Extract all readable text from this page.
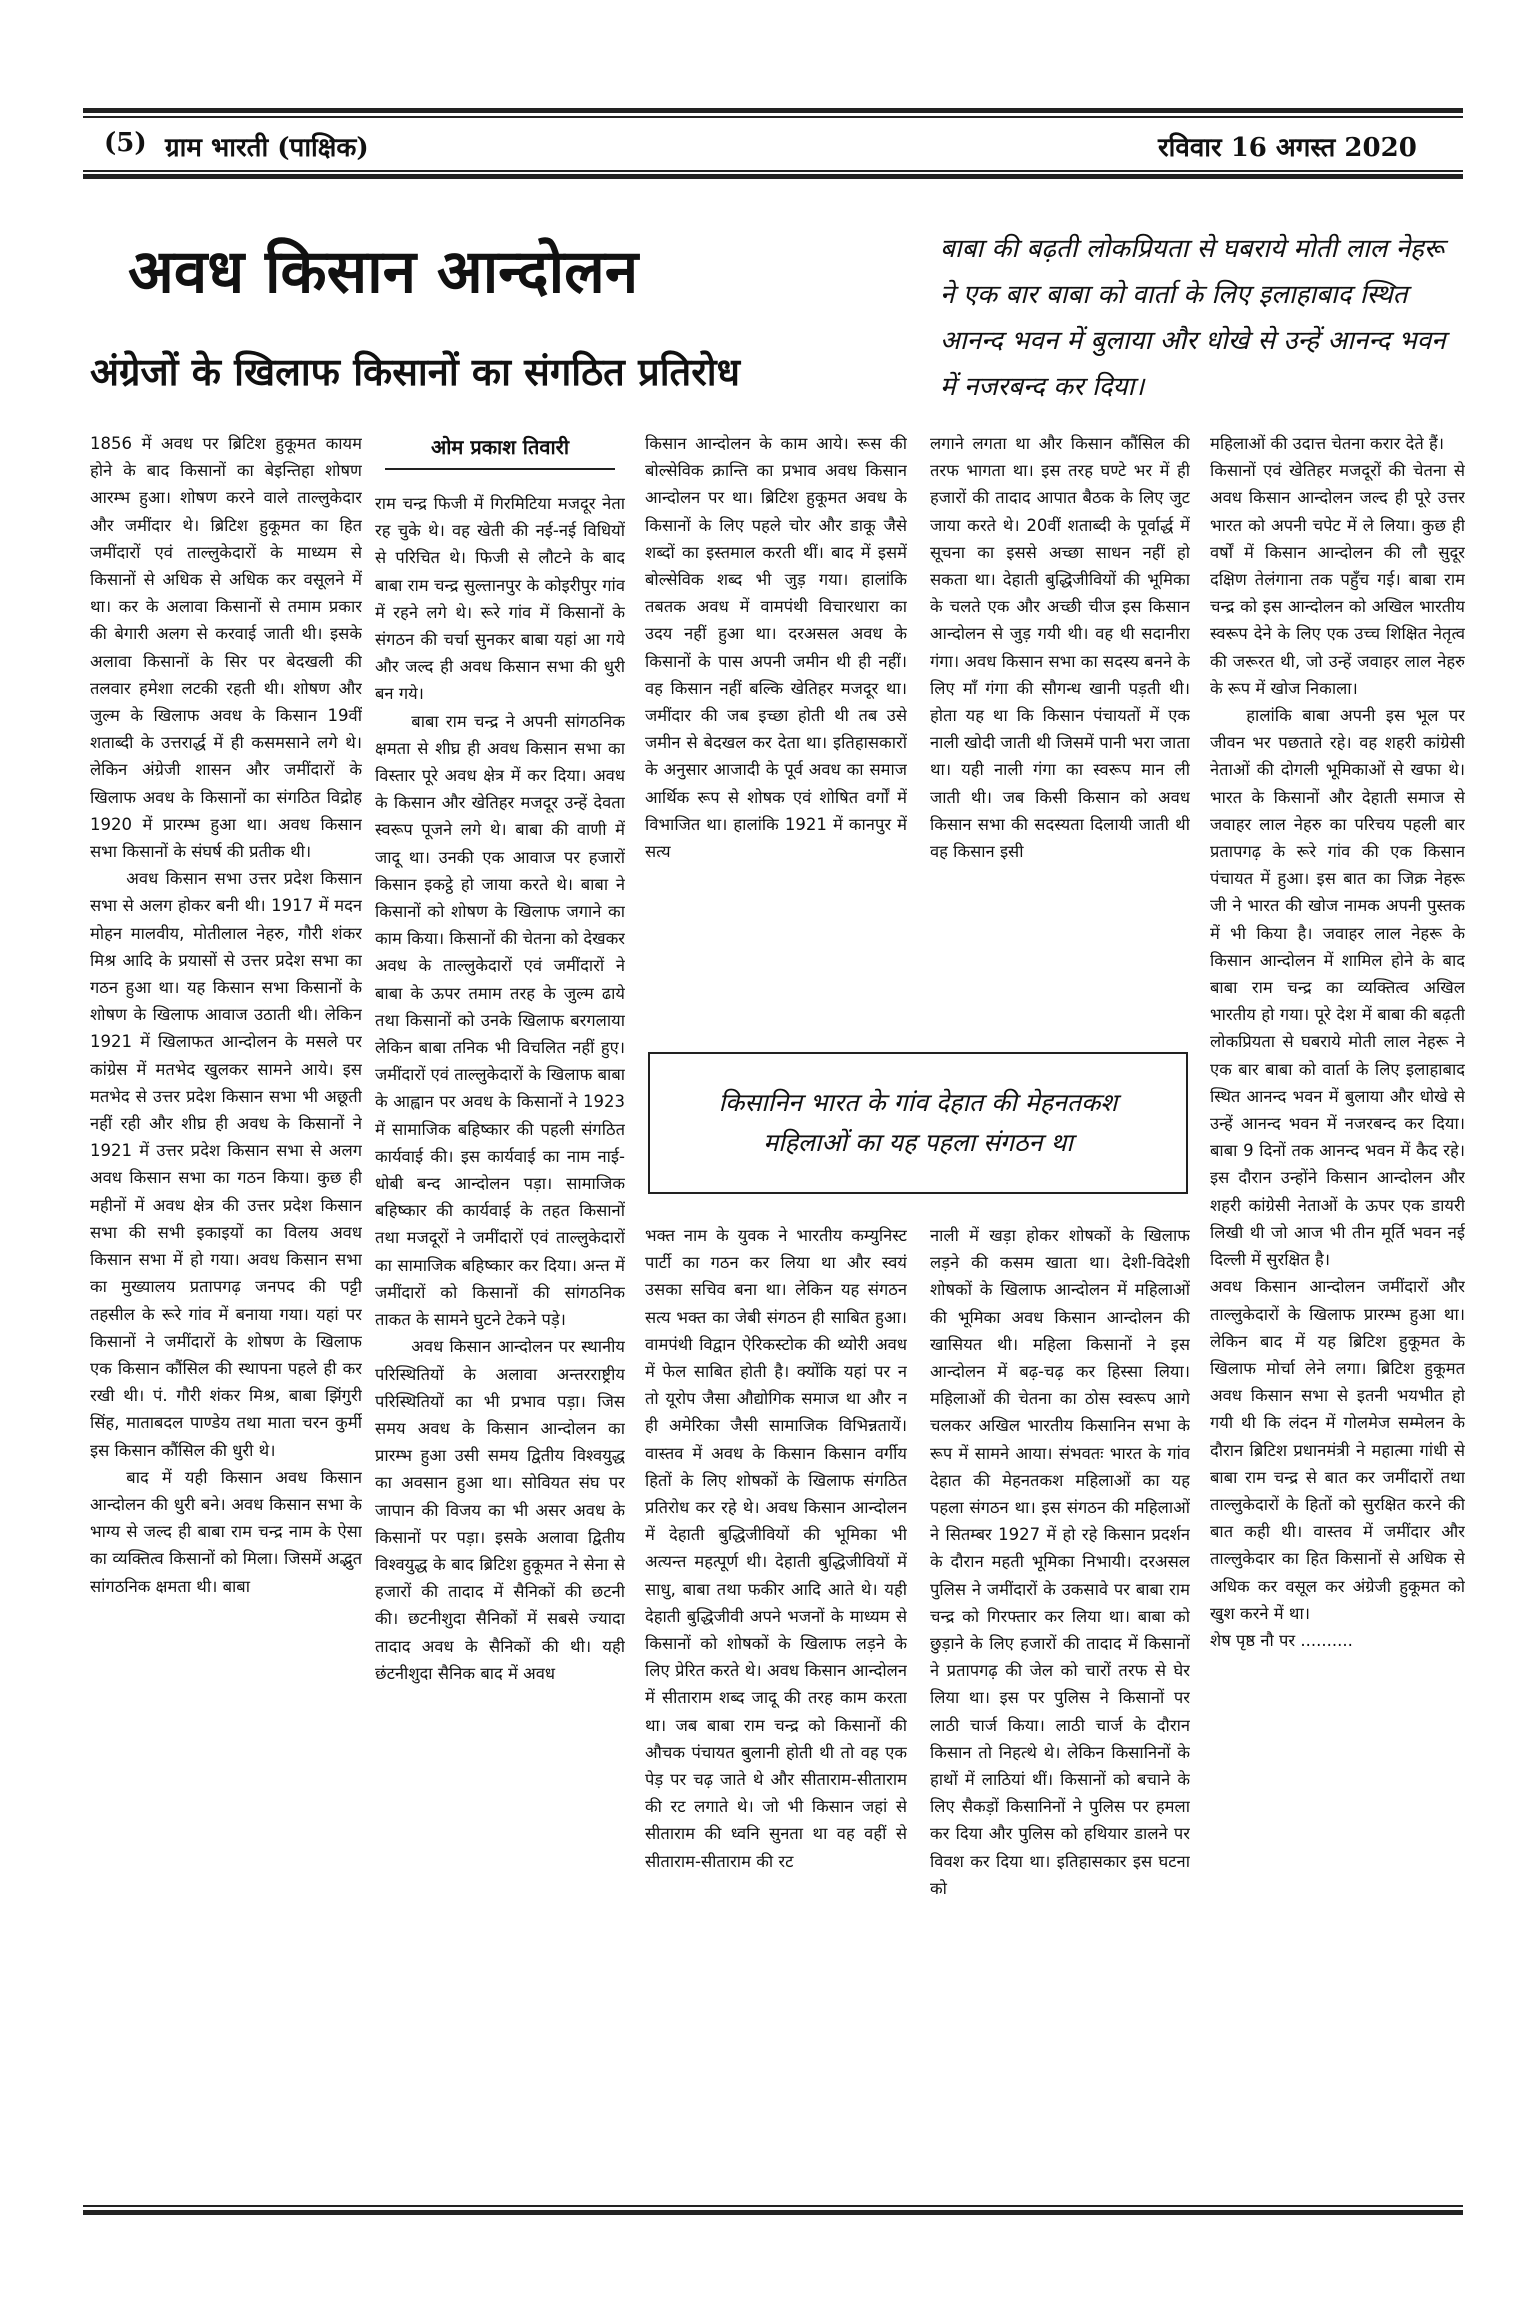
(5) ग्राम भारती (पाक्षिक)	रविवार 16 अगस्त 2020
अवध किसान आन्दोलन
अंग्रेजों के खिलाफ किसानों का संगठित प्रतिरोध
बाबा की बढ़ती लोकप्रियता से घबराये मोती लाल नेहरू ने एक बार बाबा को वार्ता के लिए इलाहाबाद स्थित आनन्द भवन में बुलाया और धोखे से उन्हें आनन्द भवन में नजरबन्द कर दिया।

1856 में अवध पर ब्रिटिश हुकूमत कायम होने के बाद किसानों का बेइन्तिहा शोषण आरम्भ हुआ। शोषण करने वाले ताल्लुकेदार और जमींदार थे। ब्रिटिश हुकूमत का हित जमींदारों एवं ताल्लुकेदारों के माध्यम से किसानों से अधिक से अधिक कर वसूलने में था। कर के अलावा किसानों से तमाम प्रकार की बेगारी अलग से करवाई जाती थी। इसके अलावा किसानों के सिर पर बेदखली की तलवार हमेशा लटकी रहती थी। शोषण और जुल्म के खिलाफ अवध के किसान 19वीं शताब्दी के उत्तरार्द्ध में ही कसमसाने लगे थे। लेकिन अंग्रेजी शासन और जमींदारों के खिलाफ अवध के किसानों का संगठित विद्रोह 1920 में प्रारम्भ हुआ था। अवध किसान सभा किसानों के संघर्ष की प्रतीक थी।

अवध किसान सभा उत्तर प्रदेश किसान सभा से अलग होकर बनी थी। 1917 में मदन मोहन मालवीय, मोतीलाल नेहरु, गौरी शंकर मिश्र आदि के प्रयासों से उत्तर प्रदेश सभा का गठन हुआ था। यह किसान सभा किसानों के शोषण के खिलाफ आवाज उठाती थी। लेकिन 1921 में खिलाफत आन्दोलन के मसले पर कांग्रेस में मतभेद खुलकर सामने आये। इस मतभेद से उत्तर प्रदेश किसान सभा भी अछूती नहीं रही और शीघ्र ही अवध के किसानों ने 1921 में उत्तर प्रदेश किसान सभा से अलग अवध किसान सभा का गठन किया। कुछ ही महीनों में अवध क्षेत्र की उत्तर प्रदेश किसान सभा की सभी इकाइयों का विलय अवध किसान सभा में हो गया। अवध किसान सभा का मुख्यालय प्रतापगढ़ जनपद की पट्टी तहसील के रूरे गांव में बनाया गया। यहां पर किसानों ने जमींदारों के शोषण के खिलाफ एक किसान कौंसिल की स्थापना पहले ही कर रखी थी। पं. गौरी शंकर मिश्र, बाबा झिंगुरी सिंह, माताबदल पाण्डेय तथा माता चरन कुर्मी इस किसान कौंसिल की धुरी थे।

बाद में यही किसान अवध किसान आन्दोलन की धुरी बने। अवध किसान सभा के भाग्य से जल्द ही बाबा राम चन्द्र नाम के ऐसा का व्यक्तित्व किसानों को मिला। जिसमें अद्भुत सांगठनिक क्षमता थी। बाबा

ओम प्रकाश तिवारी

राम चन्द्र फिजी में गिरमिटिया मजदूर नेता रह चुके थे। वह खेती की नई-नई विधियों से परिचित थे। फिजी से लौटने के बाद बाबा राम चन्द्र सुल्तानपुर के कोइरीपुर गांव में रहने लगे थे। रूरे गांव में किसानों के संगठन की चर्चा सुनकर बाबा यहां आ गये और जल्द ही अवध किसान सभा की धुरी बन गये।

बाबा राम चन्द्र ने अपनी सांगठनिक क्षमता से शीघ्र ही अवध किसान सभा का विस्तार पूरे अवध क्षेत्र में कर दिया। अवध के किसान और खेतिहर मजदूर उन्हें देवता स्वरूप पूजने लगे थे। बाबा की वाणी में जादू था। उनकी एक आवाज पर हजारों किसान इकट्ठे हो जाया करते थे। बाबा ने किसानों को शोषण के खिलाफ जगाने का काम किया। किसानों की चेतना को देखकर अवध के ताल्लुकेदारों एवं जमींदारों ने बाबा के ऊपर तमाम तरह के जुल्म ढाये तथा किसानों को उनके खिलाफ बरगलाया लेकिन बाबा तनिक भी विचलित नहीं हुए। जमींदारों एवं ताल्लुकेदारों के खिलाफ बाबा के आह्वान पर अवध के किसानों ने 1923 में सामाजिक बहिष्कार की पहली संगठित कार्यवाई की। इस कार्यवाई का नाम नाई-धोबी बन्द आन्दोलन पड़ा। सामाजिक बहिष्कार की कार्यवाई के तहत किसानों तथा मजदूरों ने जमींदारों एवं ताल्लुकेदारों का सामाजिक बहिष्कार कर दिया। अन्त में जमींदारों को किसानों की सांगठनिक ताकत के सामने घुटने टेकने पड़े।

अवध किसान आन्दोलन पर स्थानीय परिस्थितियों के अलावा अन्तरराष्ट्रीय परिस्थितियों का भी प्रभाव पड़ा। जिस समय अवध के किसान आन्दोलन का प्रारम्भ हुआ उसी समय द्वितीय विश्वयुद्ध का अवसान हुआ था। सोवियत संघ पर जापान की विजय का भी असर अवध के किसानों पर पड़ा। इसके अलावा द्वितीय विश्वयुद्ध के बाद ब्रिटिश हुकूमत ने सेना से हजारों की तादाद में सैनिकों की छटनी की। छटनीशुदा सैनिकों में सबसे ज्यादा तादाद अवध के सैनिकों की थी। यही छंटनीशुदा सैनिक बाद में अवध

किसान आन्दोलन के काम आये। रूस की बोल्सेविक क्रान्ति का प्रभाव अवध किसान आन्दोलन पर था। ब्रिटिश हुकूमत अवध के किसानों के लिए पहले चोर और डाकू जैसे शब्दों का इस्तमाल करती थीं। बाद में इसमें बोल्सेविक शब्द भी जुड़ गया। हालांकि तबतक अवध में वामपंथी विचारधारा का उदय नहीं हुआ था। दरअसल अवध के किसानों के पास अपनी जमीन थी ही नहीं। वह किसान नहीं बल्कि खेतिहर मजदूर था। जमींदार की जब इच्छा होती थी तब उसे जमीन से बेदखल कर देता था। इतिहासकारों के अनुसार आजादी के पूर्व अवध का समाज आर्थिक रूप से शोषक एवं शोषित वर्गों में विभाजित था। हालांकि 1921 में कानपुर में सत्य

लगाने लगता था और किसान कौंसिल की तरफ भागता था। इस तरह घण्टे भर में ही हजारों की तादाद आपात बैठक के लिए जुट जाया करते थे। 20वीं शताब्दी के पूर्वार्द्ध में सूचना का इससे अच्छा साधन नहीं हो सकता था। देहाती बुद्धिजीवियों की भूमिका के चलते एक और अच्छी चीज इस किसान आन्दोलन से जुड़ गयी थी। वह थी सदानीरा गंगा। अवध किसान सभा का सदस्य बनने के लिए माँ गंगा की सौगन्ध खानी पड़ती थी। होता यह था कि किसान पंचायतों में एक नाली खोदी जाती थी जिसमें पानी भरा जाता था। यही नाली गंगा का स्वरूप मान ली जाती थी। जब किसी किसान को अवध किसान सभा की सदस्यता दिलायी जाती थी वह किसान इसी

किसानिन भारत के गांव देहात की मेहनतकश महिलाओं का यह पहला संगठन था

भक्त नाम के युवक ने भारतीय कम्युनिस्ट पार्टी का गठन कर लिया था और स्वयं उसका सचिव बना था। लेकिन यह संगठन सत्य भक्त का जेबी संगठन ही साबित हुआ। वामपंथी विद्वान ऐरिकस्टोक की थ्योरी अवध में फेल साबित होती है। क्योंकि यहां पर न तो यूरोप जैसा औद्योगिक समाज था और न ही अमेरिका जैसी सामाजिक विभिन्नतायें। वास्तव में अवध के किसान किसान वर्गीय हितों के लिए शोषकों के खिलाफ संगठित प्रतिरोध कर रहे थे। अवध किसान आन्दोलन में देहाती बुद्धिजीवियों की भूमिका भी अत्यन्त महत्पूर्ण थी। देहाती बुद्धिजीवियों में साधु, बाबा तथा फकीर आदि आते थे। यही देहाती बुद्धिजीवी अपने भजनों के माध्यम से किसानों को शोषकों के खिलाफ लड़ने के लिए प्रेरित करते थे। अवध किसान आन्दोलन में सीताराम शब्द जादू की तरह काम करता था। जब बाबा राम चन्द्र को किसानों की औचक पंचायत बुलानी होती थी तो वह एक पेड़ पर चढ़ जाते थे और सीताराम-सीताराम की रट लगाते थे। जो भी किसान जहां से सीताराम की ध्वनि सुनता था वह वहीं से सीताराम-सीताराम की रट

नाली में खड़ा होकर शोषकों के खिलाफ लड़ने की कसम खाता था। देशी-विदेशी शोषकों के खिलाफ आन्दोलन में महिलाओं की भूमिका अवध किसान आन्दोलन की खासियत थी। महिला किसानों ने इस आन्दोलन में बढ़-चढ़ कर हिस्सा लिया। महिलाओं की चेतना का ठोस स्वरूप आगे चलकर अखिल भारतीय किसानिन सभा के रूप में सामने आया। संभवतः भारत के गांव देहात की मेहनतकश महिलाओं का यह पहला संगठन था। इस संगठन की महिलाओं ने सितम्बर 1927 में हो रहे किसान प्रदर्शन के दौरान महती भूमिका निभायी। दरअसल पुलिस ने जमींदारों के उकसावे पर बाबा राम चन्द्र को गिरफ्तार कर लिया था। बाबा को छुड़ाने के लिए हजारों की तादाद में किसानों ने प्रतापगढ़ की जेल को चारों तरफ से घेर लिया था। इस पर पुलिस ने किसानों पर लाठी चार्ज किया। लाठी चार्ज के दौरान किसान तो निहत्थे थे। लेकिन किसानिनों के हाथों में लाठियां थीं। किसानों को बचाने के लिए सैकड़ों किसानिनों ने पुलिस पर हमला कर दिया और पुलिस को हथियार डालने पर विवश कर दिया था। इतिहासकार इस घटना को

महिलाओं की उदात्त चेतना करार देते हैं।

किसानों एवं खेतिहर मजदूरों की चेतना से अवध किसान आन्दोलन जल्द ही पूरे उत्तर भारत को अपनी चपेट में ले लिया। कुछ ही वर्षों में किसान आन्दोलन की लौ सुदूर दक्षिण तेलंगाना तक पहुँच गई। बाबा राम चन्द्र को इस आन्दोलन को अखिल भारतीय स्वरूप देने के लिए एक उच्च शिक्षित नेतृत्व की जरूरत थी, जो उन्हें जवाहर लाल नेहरु के रूप में खोज निकाला।

हालांकि बाबा अपनी इस भूल पर जीवन भर पछताते रहे। वह शहरी कांग्रेसी नेताओं की दोगली भूमिकाओं से खफा थे। भारत के किसानों और देहाती समाज से जवाहर लाल नेहरु का परिचय पहली बार प्रतापगढ़ के रूरे गांव की एक किसान पंचायत में हुआ। इस बात का जिक्र नेहरू जी ने भारत की खोज नामक अपनी पुस्तक में भी किया है। जवाहर लाल नेहरू के किसान आन्दोलन में शामिल होने के बाद बाबा राम चन्द्र का व्यक्तित्व अखिल भारतीय हो गया। पूरे देश में बाबा की बढ़ती लोकप्रियता से घबराये मोती लाल नेहरू ने एक बार बाबा को वार्ता के लिए इलाहाबाद स्थित आनन्द भवन में बुलाया और धोखे से उन्हें आनन्द भवन में नजरबन्द कर दिया। बाबा 9 दिनों तक आनन्द भवन में कैद रहे। इस दौरान उन्होंने किसान आन्दोलन और शहरी कांग्रेसी नेताओं के ऊपर एक डायरी लिखी थी जो आज भी तीन मूर्ति भवन नई दिल्ली में सुरक्षित है।

अवध किसान आन्दोलन जमींदारों और ताल्लुकेदारों के खिलाफ प्रारम्भ हुआ था। लेकिन बाद में यह ब्रिटिश हुकूमत के खिलाफ मोर्चा लेने लगा। ब्रिटिश हुकूमत अवध किसान सभा से इतनी भयभीत हो गयी थी कि लंदन में गोलमेज सम्मेलन के दौरान ब्रिटिश प्रधानमंत्री ने महात्मा गांधी से बाबा राम चन्द्र से बात कर जमींदारों तथा ताल्लुकेदारों के हितों को सुरक्षित करने की बात कही थी। वास्तव में जमींदार और ताल्लुकेदार का हित किसानों से अधिक से अधिक कर वसूल कर अंग्रेजी हुकूमत को खुश करने में था।

शेष पृष्ठ नौ पर ..........
